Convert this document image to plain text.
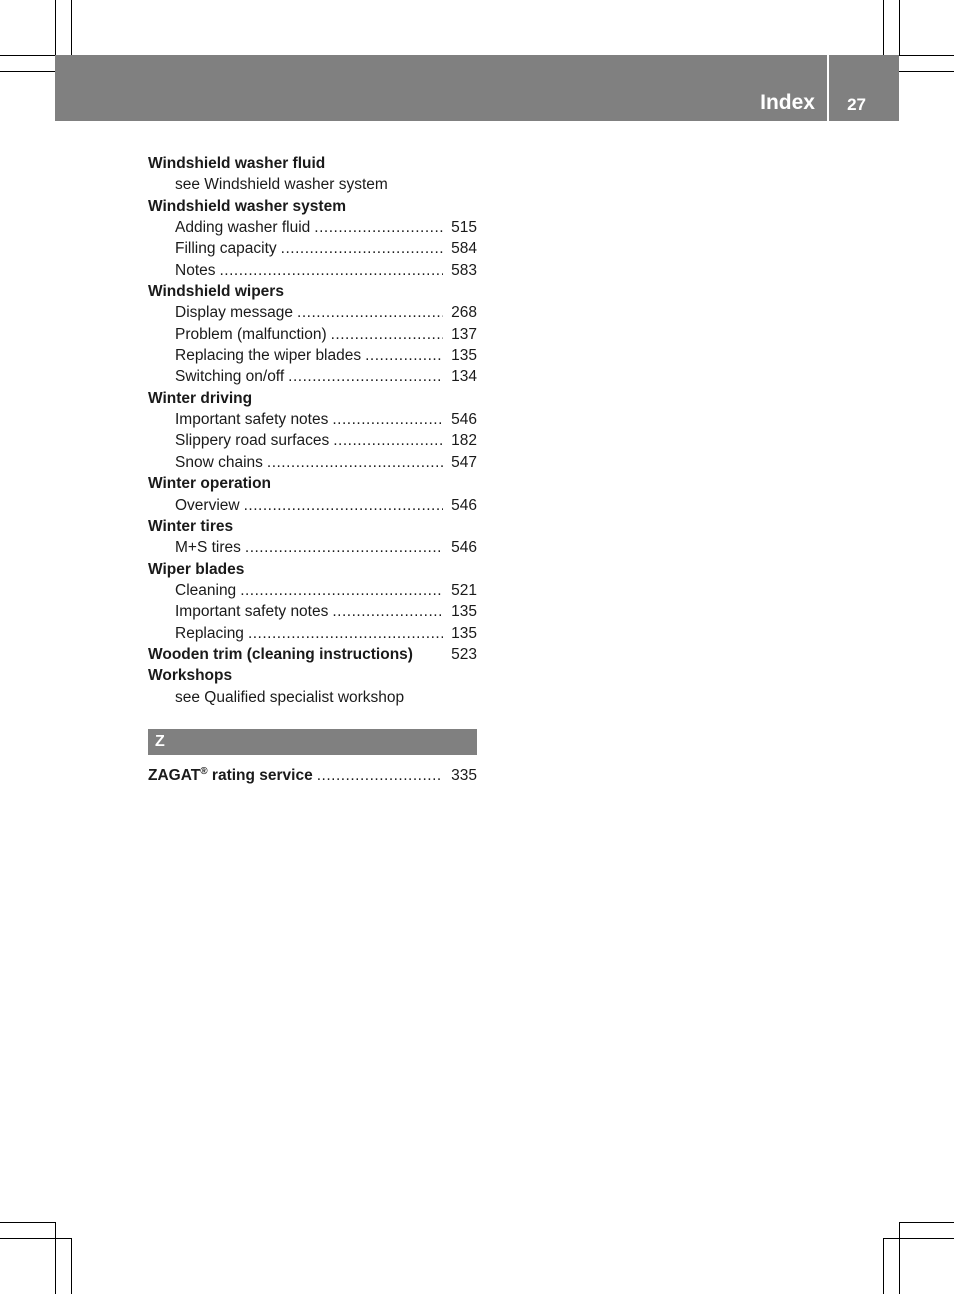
Index 27
Windshield washer fluid
see Windshield washer system
Windshield washer system
Adding washer fluid .....	515
Filling capacity .....	584
Notes .....	583
Windshield wipers
Display message .....	268
Problem (malfunction) .....	137
Replacing the wiper blades .....	135
Switching on/off .....	134
Winter driving
Important safety notes .....	546
Slippery road surfaces .....	182
Snow chains .....	547
Winter operation
Overview .....	546
Winter tires
M+S tires .....	546
Wiper blades
Cleaning .....	521
Important safety notes .....	135
Replacing .....	135
Wooden trim (cleaning instructions) 523
Workshops
see Qualified specialist workshop
Z
ZAGAT® rating service .....	335
